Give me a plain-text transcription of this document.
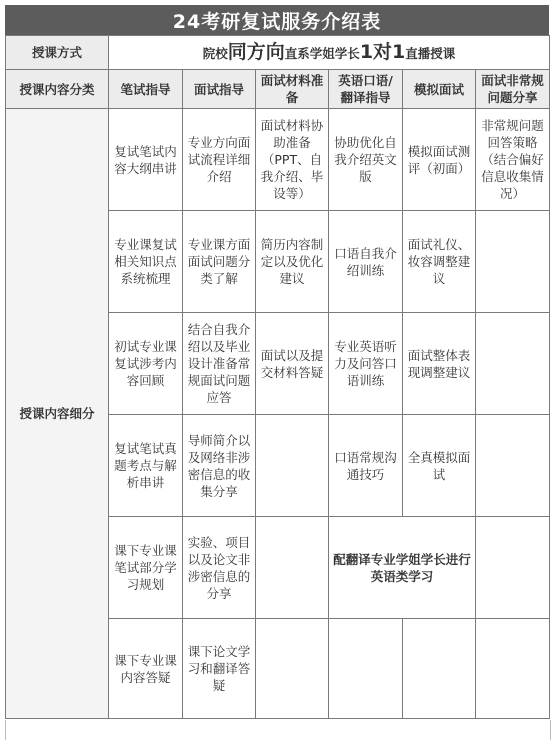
24考研复试服务介绍表
授课方式	院校同方向直系学姐学长1对1直播授课					
授课内容分类	笔试指导	面试指导	面试材料准备	英语口语/翻译指导	模拟面试	面试非常规问题分享
授课内容细分	复试笔试内容大纲串讲	专业方向面试流程详细介绍	面试材料协助准备（PPT、自我介绍、毕设等）	协助优化自我介绍英文版	模拟面试测评（初面）	非常规问题回答策略（结合偏好信息收集情况）
	专业课复试相关知识点系统梳理	专业课方面面试问题分类了解	简历内容制定以及优化建议	口语自我介绍训练	面试礼仪、妆容调整建议	
	初试专业课复试涉考内容回顾	结合自我介绍以及毕业设计准备常规面试问题应答	面试以及提交材料答疑	专业英语听力及问答口语训练	面试整体表现调整建议	
	复试笔试真题考点与解析串讲	导师简介以及网络非涉密信息的收集分享		口语常规沟通技巧	全真模拟面试	
	课下专业课笔试部分学习规划	实验、项目以及论文非涉密信息的分享		配翻译专业学姐学长进行英语类学习		
	课下专业课内容答疑	课下论文学习和翻译答疑				
